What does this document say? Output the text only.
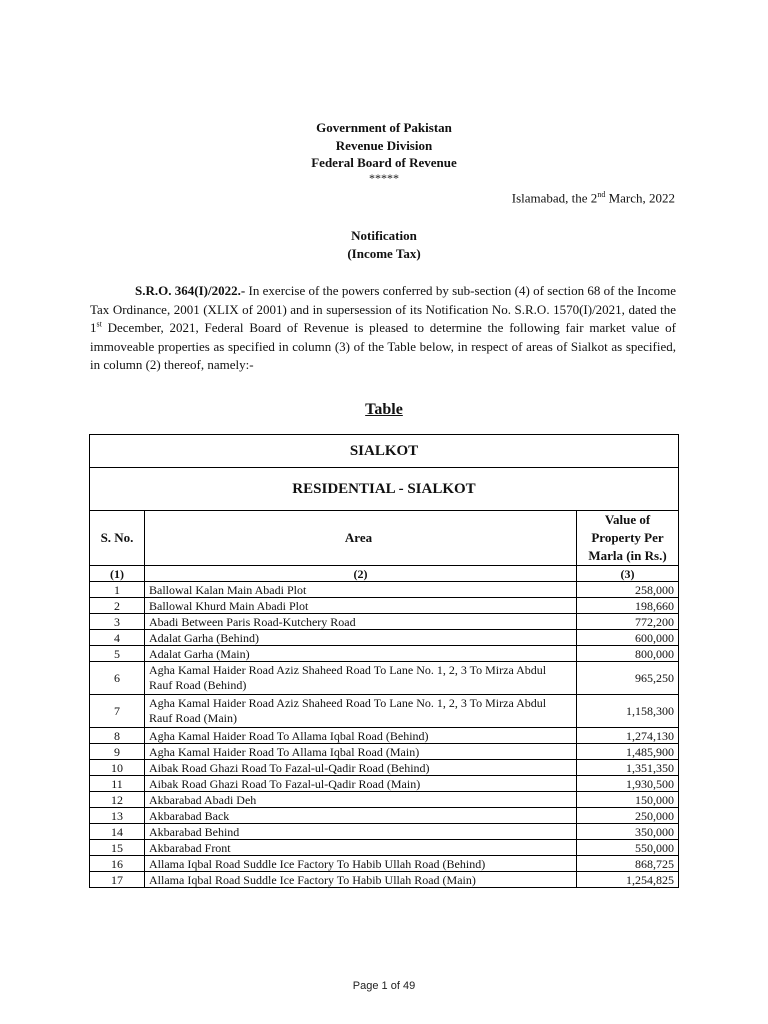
Government of Pakistan
Revenue Division
Federal Board of Revenue
*****
Islamabad, the 2nd March, 2022
Notification
(Income Tax)
S.R.O. 364(I)/2022.- In exercise of the powers conferred by sub-section (4) of section 68 of the Income Tax Ordinance, 2001 (XLIX of 2001) and in supersession of its Notification No. S.R.O. 1570(I)/2021, dated the 1st December, 2021, Federal Board of Revenue is pleased to determine the following fair market value of immoveable properties as specified in column (3) of the Table below, in respect of areas of Sialkot as specified, in column (2) thereof, namely:-
Table
SIALKOT		
RESIDENTIAL - SIALKOT		
S. No.	Area	Value of Property Per Marla (in Rs.)
(1)	(2)	(3)
1	Ballowal Kalan Main Abadi Plot	258,000
2	Ballowal Khurd Main Abadi Plot	198,660
3	Abadi Between Paris Road-Kutchery Road	772,200
4	Adalat Garha (Behind)	600,000
5	Adalat Garha (Main)	800,000
6	Agha Kamal Haider Road Aziz Shaheed Road To Lane No. 1, 2, 3 To Mirza Abdul Rauf Road (Behind)	965,250
7	Agha Kamal Haider Road Aziz Shaheed Road To Lane No. 1, 2, 3 To Mirza Abdul Rauf Road (Main)	1,158,300
8	Agha Kamal Haider Road To Allama Iqbal Road (Behind)	1,274,130
9	Agha Kamal Haider Road To Allama Iqbal Road (Main)	1,485,900
10	Aibak Road Ghazi Road To Fazal-ul-Qadir Road (Behind)	1,351,350
11	Aibak Road Ghazi Road To Fazal-ul-Qadir Road (Main)	1,930,500
12	Akbarabad Abadi Deh	150,000
13	Akbarabad Back	250,000
14	Akbarabad Behind	350,000
15	Akbarabad Front	550,000
16	Allama Iqbal Road Suddle Ice Factory To Habib Ullah Road (Behind)	868,725
17	Allama Iqbal Road Suddle Ice Factory To Habib Ullah Road (Main)	1,254,825
Page 1 of 49
